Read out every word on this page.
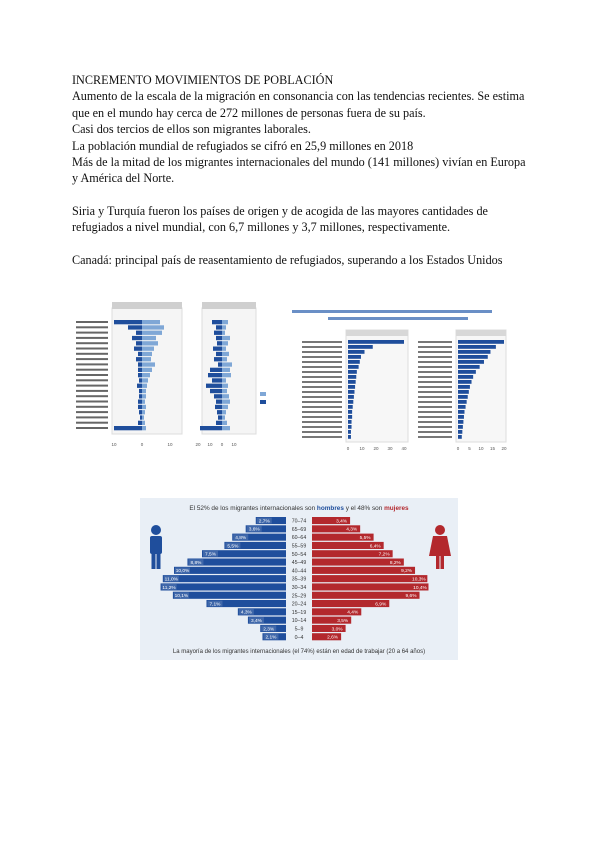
INCREMENTO MOVIMIENTOS DE POBLACIÓN

Aumento de la escala de la migración en consonancia con las tendencias recientes. Se estima que en el mundo hay cerca de 272 millones de personas fuera de su país.

Casi dos tercios de ellos son migrantes laborales.

La población mundial de refugiados se cifró en 25,9 millones en 2018

Más de la mitad de los migrantes internacionales del mundo (141 millones) vivían en Europa y América del Norte.

Siria y Turquía fueron los países de origen y de acogida de las mayores cantidades de refugiados a nivel mundial, con 6,7 millones y 3,7 millones, respectivamente.

Canadá: principal país de reasentamiento de refugiados, superando a los Estados Unidos

10	0	10	20 10 0 10
0 10 20 30 40	0 5 10 15 20
El 52% de los migrantes internacionales son hombres y el 48% son mujeres
70–74
2,7%	3,4%
65–69
3,6%	4,3%
60–64
4,8%	5,5%
55–59
5,5%	6,4%
50–54
7,5%	7,2%
45–49
8,8%	8,2%
40–44
10,0%	9,2%
35–39
11,0%	10,3%
30–34
11,2%	10,4%
25–29
10,1%	9,6%
20–24
7,1%	6,9%
15–19
4,3%	4,4%
10–14
3,4%	3,5%
5–9
2,3%	3,0%
0–4
2,1%	2,6%
La mayoría de los migrantes internacionales (el 74%) están en edad de trabajar (20 a 64 años)
